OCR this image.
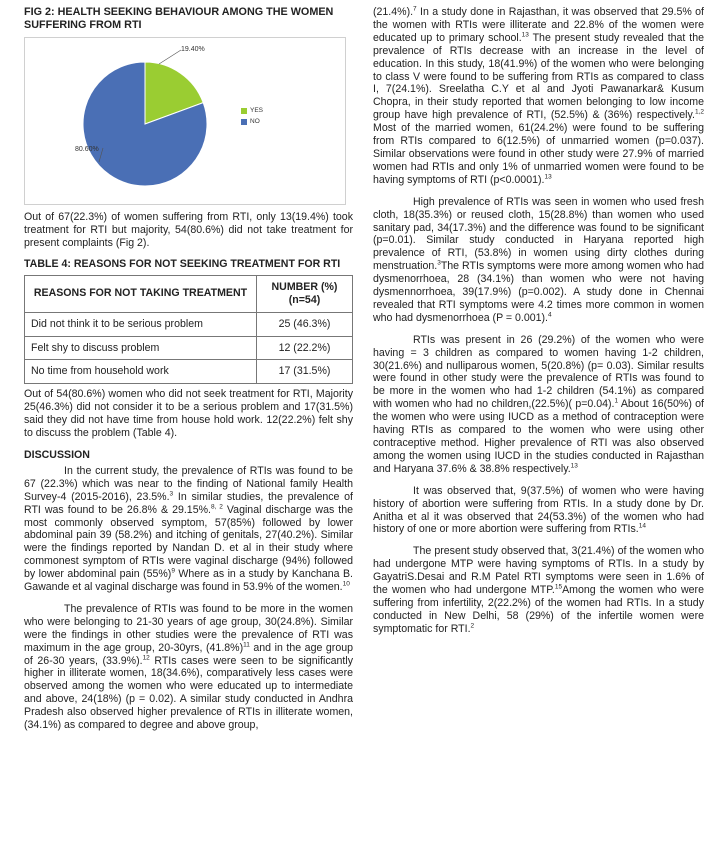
FIG 2: HEALTH SEEKING BEHAVIOUR AMONG THE WOMEN SUFFERING FROM RTI
19.40%
80.60%
YES
NO

Out of 67(22.3%) of women suffering from RTI, only 13(19.4%) took treatment for RTI but majority, 54(80.6%) did not take treatment for present complaints (Fig 2).

TABLE 4: REASONS FOR NOT SEEKING TREATMENT FOR RTI
REASONS FOR NOT TAKING TREATMENT	NUMBER (%) (n=54)
Did not think it to be serious problem	25 (46.3%)
Felt shy to discuss problem	12 (22.2%)
No time from household work	17 (31.5%)

Out of 54(80.6%) women who did not seek treatment for RTI, Majority 25(46.3%) did not consider it to be a serious problem and 17(31.5%) said they did not have time from house hold work. 12(22.2%) felt shy to discuss the problem (Table 4).

DISCUSSION

In the current study, the prevalence of RTIs was found to be 67 (22.3%) which was near to the finding of National family Health Survey-4 (2015-2016), 23.5%.$^3$ In similar studies, the prevalence of RTI was found to be 26.8% & 29.15%.$^{8, 2}$ Vaginal discharge was the most commonly observed symptom, 57(85%) followed by lower abdominal pain 39 (58.2%) and itching of genitals, 27(40.2%). Similar were the findings reported by Nandan D. et al in their study where commonest symptom of RTIs were vaginal discharge (94%) followed by lower abdominal pain $(55\%)^9$ Where as in a study by Kanchana B. Gawande et al vaginal discharge was found in 53.9% of the women.$^{10}$

The prevalence of RTIs was found to be more in the women who were belonging to 21-30 years of age group, 30(24.8%). Similar were the findings in other studies were the prevalence of RTI was maximum in the age group, 20-30yrs, $(41.8\%)^{11}$ and in the age group of 26-30 years, (33.9%).$^{12}$ RTIs cases were seen to be significantly higher in illiterate women, 18(34.6%), comparatively less cases were observed among the women who were educated up to intermediate and above, 24(18%) (p = 0.02). A similar study conducted in Andhra Pradesh also observed higher prevalence of RTIs in illiterate women, (34.1%) as compared to degree and above group,

(21.4%).$^7$ In a study done in Rajasthan, it was observed that 29.5% of the women with RTIs were illiterate and 22.8% of the women were educated up to primary school.$^{13}$ The present study revealed that the prevalence of RTIs decrease with an increase in the level of education. In this study, 18(41.9%) of the women who were belonging to class V were found to be suffering from RTIs as compared to class I, 7(24.1%). Sreelatha C.Y et al and Jyoti Pawanarkar& Kusum Chopra, in their study reported that women belonging to low income group have high prevalence of RTI, (52.5%) & (36%) respectively.$^{1,2}$ Most of the married women, 61(24.2%) were found to be suffering from RTIs compared to 6(12.5%) of unmarried women (p=0.037). Similar observations were found in other study were 27.9% of married women had RTIs and only 1% of unmarried women were found to be having symptoms of RTI (p<0.0001).$^{13}$

High prevalence of RTIs was seen in women who used fresh cloth, 18(35.3%) or reused cloth, 15(28.8%) than women who used sanitary pad, 34(17.3%) and the difference was found to be significant (p=0.01). Similar study conducted in Haryana reported high prevalence of RTI, (53.8%) in women using dirty clothes during menstruation.$^3$The RTIs symptoms were more among women who had dysmenorrhoea, 28 (34.1%) than women who were not having dysmennorrhoea, 39(17.9%) (p=0.002). A study done in Chennai revealed that RTI symptoms were 4.2 times more common in women who had dysmenorrhoea (P = 0.001).$^4$

RTIs was present in 26 (29.2%) of the women who were having = 3 children as compared to women having 1-2 children, 30(21.6%) and nulliparous women, 5(20.8%) (p= 0.03). Similar results were found in other study were the prevalence of RTIs was found to be more in the women who had 1-2 children (54.1%) as compared with women who had no children,(22.5%)( p=0.04).$^1$ About 16(50%) of the women who were using IUCD as a method of contraception were having RTIs as compared to the women who were using other contraceptive method. Higher prevalence of RTI was also observed among the women using IUCD in the studies conducted in Rajasthan and Haryana 37.6% & 38.8% respectively.$^{13}$

It was observed that, 9(37.5%) of women who were having history of abortion were suffering from RTIs. In a study done by Dr. Anitha et al it was observed that 24(53.3%) of the women who had history of one or more abortion were suffering from RTIs.$^{14}$

The present study observed that, 3(21.4%) of the women who had undergone MTP were having symptoms of RTIs. In a study by GayatriS.Desai and R.M Patel RTI symptoms were seen in 1.6% of the women who had undergone MTP.$^{15}$Among the women who were suffering from infertility, 2(22.2%) of the women had RTIs. In a study conducted in New Delhi, 58 (29%) of the infertile women were symptomatic for RTI.$^2$
